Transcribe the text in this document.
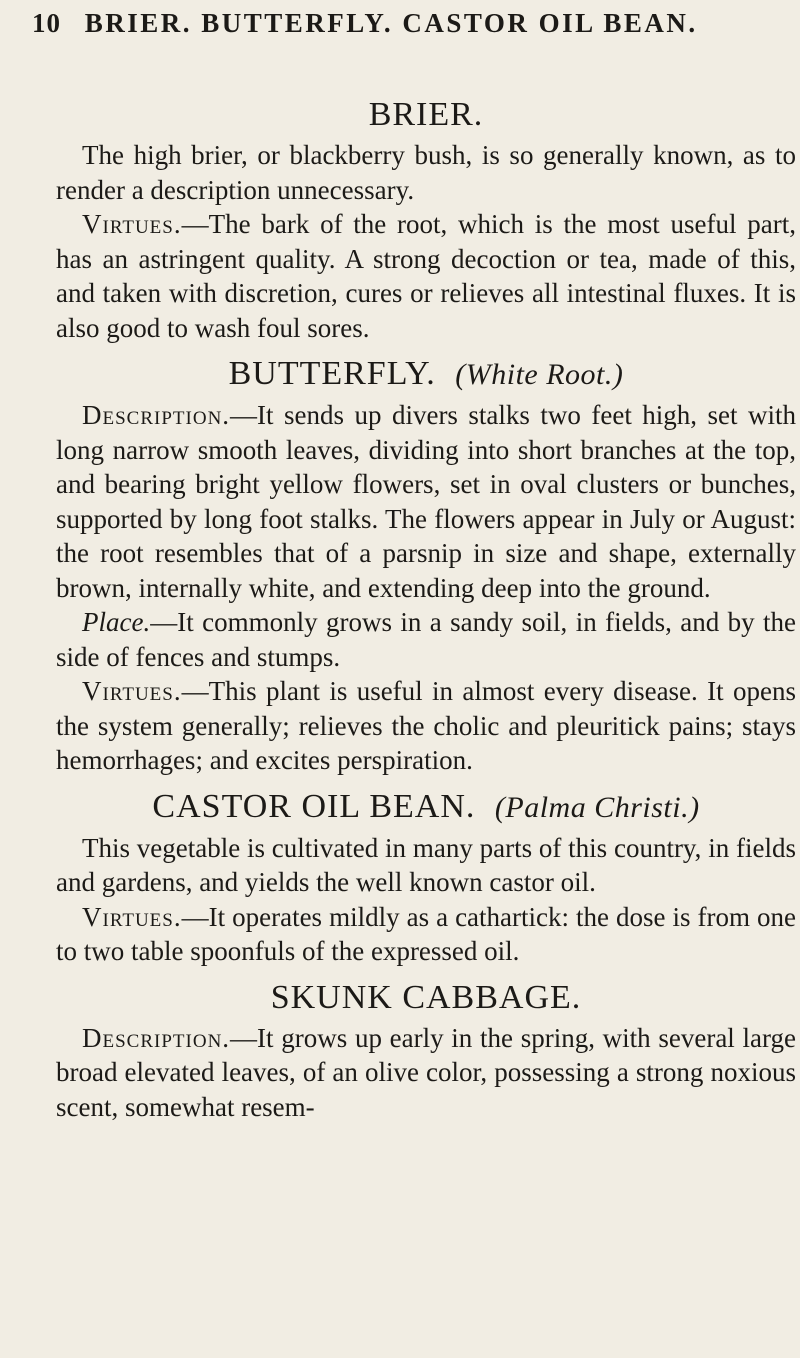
10 BRIER. BUTTERFLY. CASTOR OIL BEAN.
BRIER.

The high brier, or blackberry bush, is so generally known, as to render a description unnecessary.

Virtues.—The bark of the root, which is the most useful part, has an astringent quality. A strong decoction or tea, made of this, and taken with discretion, cures or relieves all intestinal fluxes. It is also good to wash foul sores.

BUTTERFLY. (White Root.)

Description.—It sends up divers stalks two feet high, set with long narrow smooth leaves, dividing into short branches at the top, and bearing bright yellow flowers, set in oval clusters or bunches, supported by long foot stalks. The flowers appear in July or August: the root resembles that of a parsnip in size and shape, externally brown, internally white, and extending deep into the ground.

Place.—It commonly grows in a sandy soil, in fields, and by the side of fences and stumps.

Virtues.—This plant is useful in almost every disease. It opens the system generally; relieves the cholic and pleuritick pains; stays hemorrhages; and excites perspiration.

CASTOR OIL BEAN. (Palma Christi.)

This vegetable is cultivated in many parts of this country, in fields and gardens, and yields the well known castor oil.

Virtues.—It operates mildly as a cathartick: the dose is from one to two table spoonfuls of the expressed oil.

SKUNK CABBAGE.

Description.—It grows up early in the spring, with several large broad elevated leaves, of an olive color, possessing a strong noxious scent, somewhat resem-
